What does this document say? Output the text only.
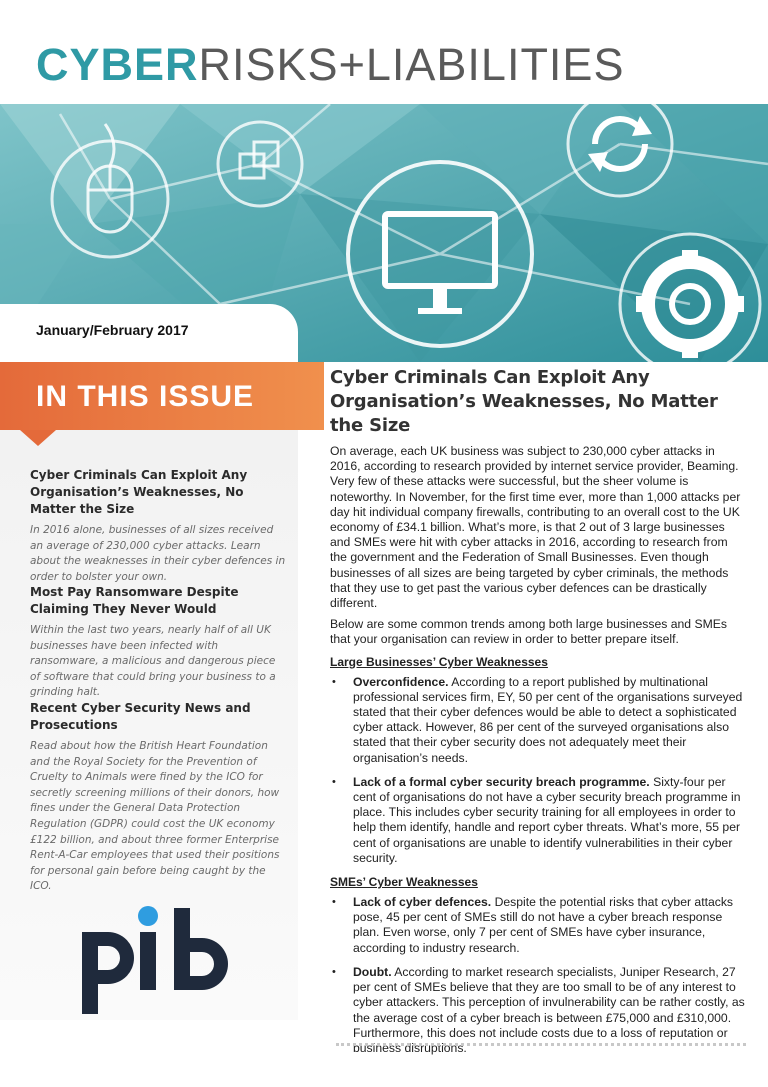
CYBERRISKS+LIABILITIES
January/February 2017
IN THIS ISSUE
Cyber Criminals Can Exploit Any Organisation’s Weaknesses, No Matter the Size

In 2016 alone, businesses of all sizes received an average of 230,000 cyber attacks. Learn about the weaknesses in their cyber defences in order to bolster your own.

Most Pay Ransomware Despite Claiming They Never Would

Within the last two years, nearly half of all UK businesses have been infected with ransomware, a malicious and dangerous piece of software that could bring your business to a grinding halt.

Recent Cyber Security News and Prosecutions

Read about how the British Heart Foundation and the Royal Society for the Prevention of Cruelty to Animals were fined by the ICO for secretly screening millions of their donors, how fines under the General Data Protection Regulation (GDPR) could cost the UK economy £122 billion, and about three former Enterprise Rent-A-Car employees that used their positions for personal gain before being caught by the ICO.

pib
Cyber Criminals Can Exploit Any Organisation’s Weaknesses, No Matter the Size

On average, each UK business was subject to 230,000 cyber attacks in 2016, according to research provided by internet service provider, Beaming. Very few of these attacks were successful, but the sheer volume is noteworthy. In November, for the first time ever, more than 1,000 attacks per day hit individual company firewalls, contributing to an overall cost to the UK economy of £34.1 billion. What’s more, is that 2 out of 3 large businesses and SMEs were hit with cyber attacks in 2016, according to research from the government and the Federation of Small Businesses. Even though businesses of all sizes are being targeted by cyber criminals, the methods that they use to get past the various cyber defences can be drastically different.

Below are some common trends among both large businesses and SMEs that your organisation can review in order to better prepare itself.

Large Businesses’ Cyber Weaknesses
• Overconfidence. According to a report published by multinational professional services firm, EY, 50 per cent of the organisations surveyed stated that their cyber defences would be able to detect a sophisticated cyber attack. However, 86 per cent of the surveyed organisations also stated that their cyber security does not adequately meet their organisation’s needs.
• Lack of a formal cyber security breach programme. Sixty-four per cent of organisations do not have a cyber security breach programme in place. This includes cyber security training for all employees in order to help them identify, handle and report cyber threats. What’s more, 55 per cent of organisations are unable to identify vulnerabilities in their cyber security.
SMEs’ Cyber Weaknesses
• Lack of cyber defences. Despite the potential risks that cyber attacks pose, 45 per cent of SMEs still do not have a cyber breach response plan. Even worse, only 7 per cent of SMEs have cyber insurance, according to industry research.
• Doubt. According to market research specialists, Juniper Research, 27 per cent of SMEs believe that they are too small to be of any interest to cyber attackers. This perception of invulnerability can be rather costly, as the average cost of a cyber breach is between £75,000 and £310,000. Furthermore, this does not include costs due to a loss of reputation or business disruptions.
